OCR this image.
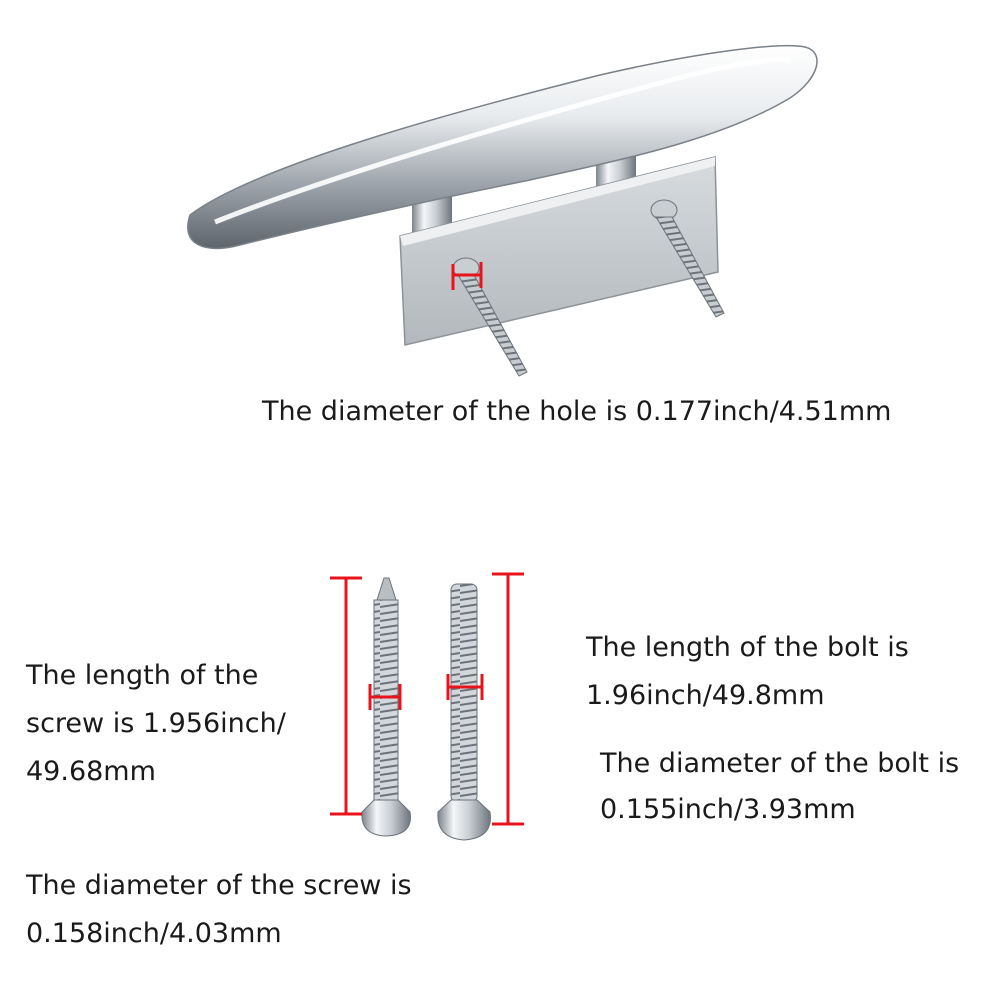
The diameter of the hole is 0.177inch/4.51mm
The length of the
screw is 1.956inch/
49.68mm
The length of the bolt is
1.96inch/49.8mm
The diameter of the bolt is
0.155inch/3.93mm
The diameter of the screw is
0.158inch/4.03mm
